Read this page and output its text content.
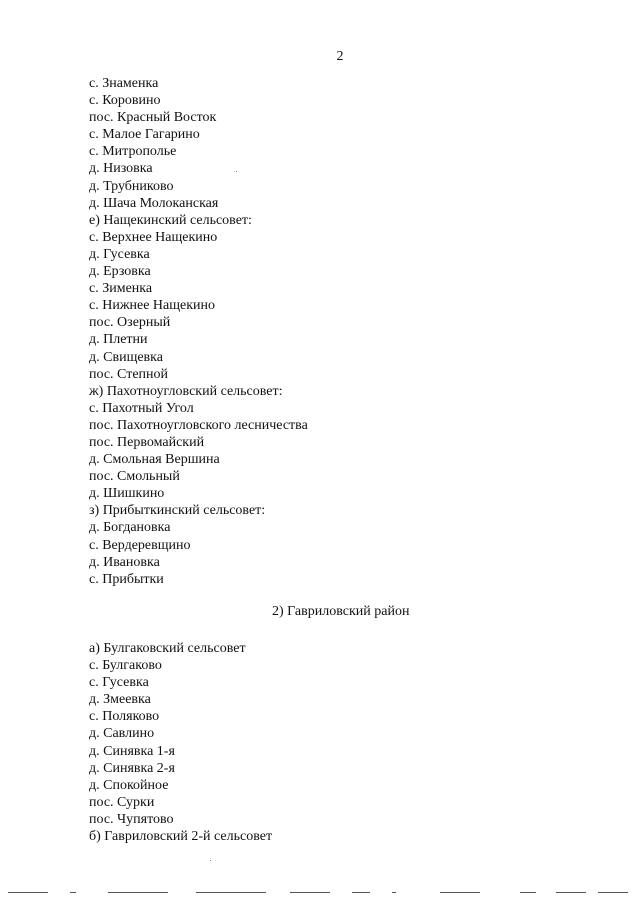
2
с. Знаменка
с. Коровино
пос. Красный Восток
с. Малое Гагарино
с. Митрополье
д. Низовка
д. Трубниково
д. Шача Молоканская
е) Нащекинский сельсовет:
с. Верхнее Нащекино
д. Гусевка
д. Ерзовка
с. Зименка
с. Нижнее Нащекино
пос. Озерный
д. Плетни
д. Свищевка
пос. Степной
ж) Пахотноугловский сельсовет:
с. Пахотный Угол
пос. Пахотноугловского лесничества
пос. Первомайский
д. Смольная Вершина
пос. Смольный
д. Шишкино
з) Прибыткинский сельсовет:
д. Богдановка
с. Вердеревщино
д. Ивановка
с. Прибытки
2) Гавриловский район
а) Булгаковский сельсовет
с. Булгаково
с. Гусевка
д. Змеевка
с. Поляково
д. Савлино
д. Синявка 1-я
д. Синявка 2-я
д. Спокойное
пос. Сурки
пос. Чупятово
б) Гавриловский 2-й сельсовет
